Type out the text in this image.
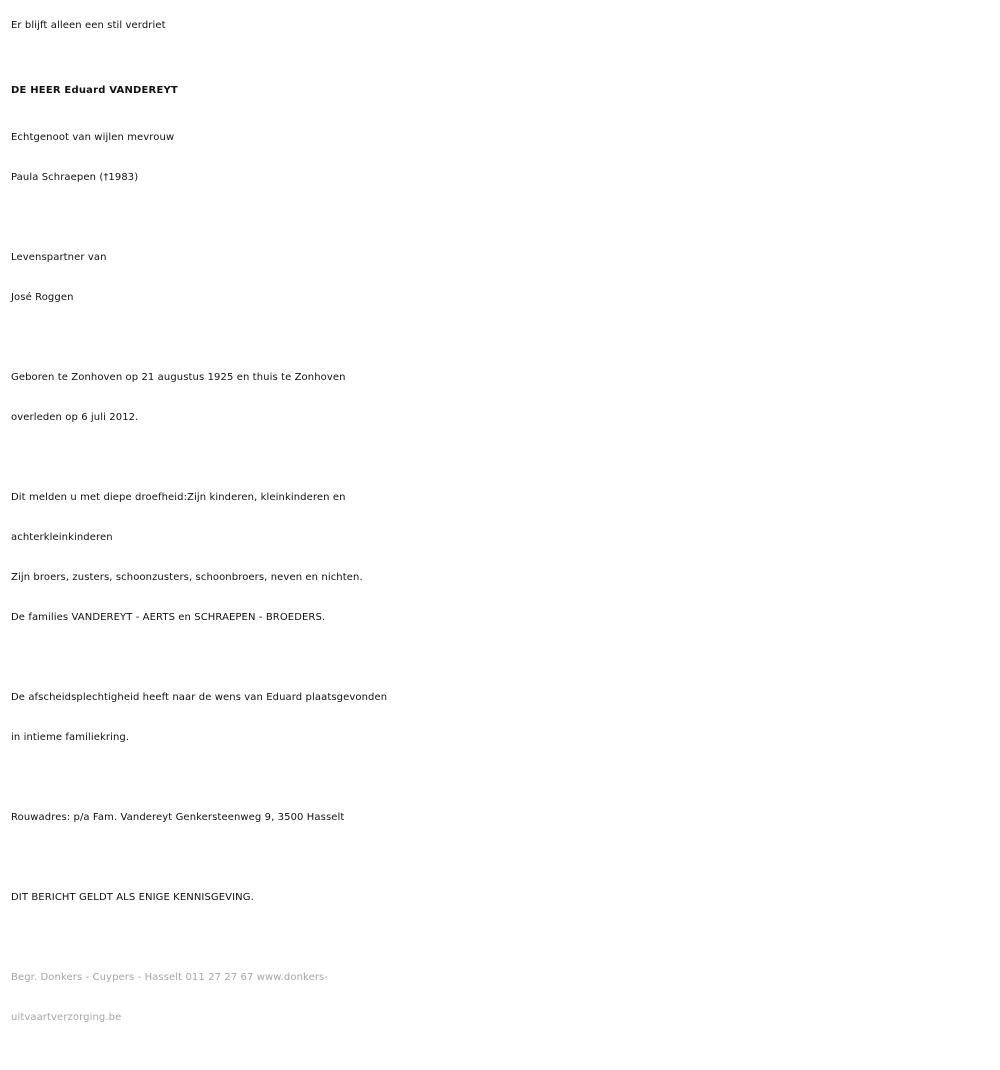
Er blijft alleen een stil verdriet
DE HEER Eduard VANDEREYT
Echtgenoot van wijlen mevrouw
Paula Schraepen (†1983)
Levenspartner van
José Roggen
Geboren te Zonhoven op 21 augustus 1925 en thuis te Zonhoven
overleden op 6 juli 2012.
Dit melden u met diepe droefheid:Zijn kinderen, kleinkinderen en
achterkleinkinderen
Zijn broers, zusters, schoonzusters, schoonbroers, neven en nichten.
De families VANDEREYT - AERTS en SCHRAEPEN - BROEDERS.
De afscheidsplechtigheid heeft naar de wens van Eduard plaatsgevonden
in intieme familiekring.
Rouwadres: p/a Fam. Vandereyt Genkersteenweg 9, 3500 Hasselt
DIT BERICHT GELDT ALS ENIGE KENNISGEVING.
Begr. Donkers - Cuypers - Hasselt 011 27 27 67 www.donkers-
uitvaartverzorging.be
